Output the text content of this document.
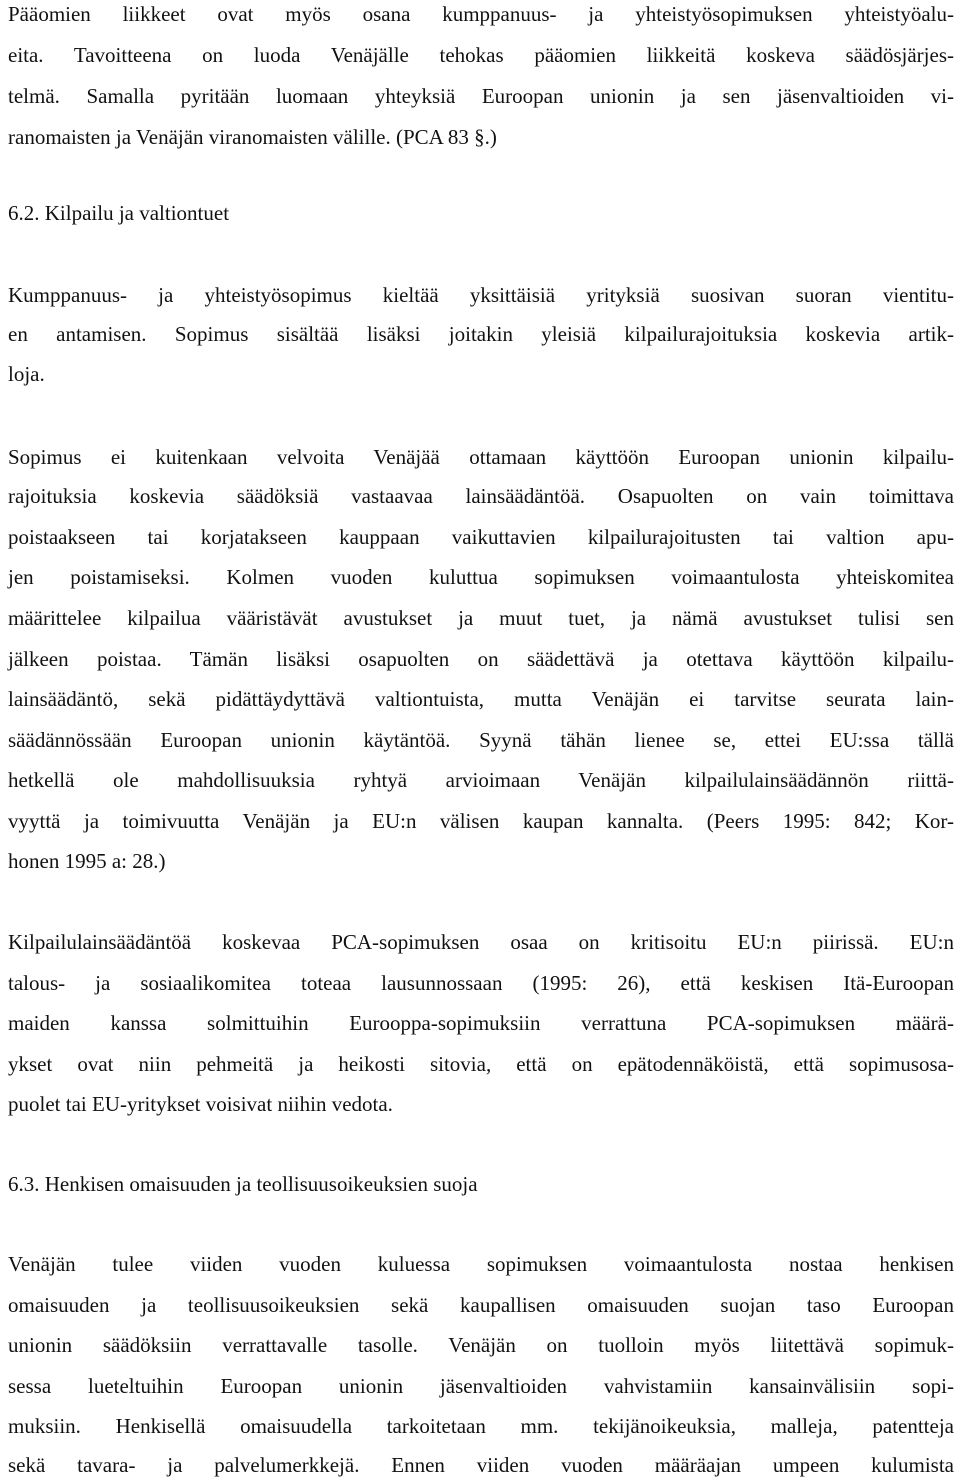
Pääomien liikkeet ovat myös osana kumppanuus- ja yhteistyösopimuksen yhteistyöalu-
eita. Tavoitteena on luoda Venäjälle tehokas pääomien liikkeitä koskeva säädösjärjes-
telmä. Samalla pyritään luomaan yhteyksiä Euroopan unionin ja sen jäsenvaltioiden vi-
ranomaisten ja Venäjän viranomaisten välille. (PCA 83 §.)
6.2. Kilpailu ja valtiontuet
Kumppanuus- ja yhteistyösopimus kieltää yksittäisiä yrityksiä suosivan suoran vientitu-
en antamisen. Sopimus sisältää lisäksi joitakin yleisiä kilpailurajoituksia koskevia artik-
loja.
Sopimus ei kuitenkaan velvoita Venäjää ottamaan käyttöön Euroopan unionin kilpailu-
rajoituksia koskevia säädöksiä vastaavaa lainsäädäntöä. Osapuolten on vain toimittava
poistaakseen tai korjatakseen kauppaan vaikuttavien kilpailurajoitusten tai valtion apu-
jen poistamiseksi. Kolmen vuoden kuluttua sopimuksen voimaantulosta yhteiskomitea
määrittelee kilpailua vääristävät avustukset ja muut tuet, ja nämä avustukset tulisi sen
jälkeen poistaa. Tämän lisäksi osapuolten on säädettävä ja otettava käyttöön kilpailu-
lainsäädäntö, sekä pidättäydyttävä valtiontuista, mutta Venäjän ei tarvitse seurata lain-
säädännössään Euroopan unionin käytäntöä. Syynä tähän lienee se, ettei EU:ssa tällä
hetkellä ole mahdollisuuksia ryhtyä arvioimaan Venäjän kilpailulainsäädännön riittä-
vyyttä ja toimivuutta Venäjän ja EU:n välisen kaupan kannalta. (Peers 1995: 842; Kor-
honen 1995 a: 28.)
Kilpailulainsäädäntöä koskevaa PCA-sopimuksen osaa on kritisoitu EU:n piirissä. EU:n
talous- ja sosiaalikomitea toteaa lausunnossaan (1995: 26), että keskisen Itä-Euroopan
maiden kanssa solmittuihin Eurooppa-sopimuksiin verrattuna PCA-sopimuksen määrä-
ykset ovat niin pehmeitä ja heikosti sitovia, että on epätodennäköistä, että sopimusosa-
puolet tai EU-yritykset voisivat niihin vedota.
6.3. Henkisen omaisuuden ja teollisuusoikeuksien suoja
Venäjän tulee viiden vuoden kuluessa sopimuksen voimaantulosta nostaa henkisen
omaisuuden ja teollisuusoikeuksien sekä kaupallisen omaisuuden suojan taso Euroopan
unionin säädöksiin verrattavalle tasolle. Venäjän on tuolloin myös liitettävä sopimuk-
sessa lueteltuihin Euroopan unionin jäsenvaltioiden vahvistamiin kansainvälisiin sopi-
muksiin. Henkisellä omaisuudella tarkoitetaan mm. tekijänoikeuksia, malleja, patentteja
sekä tavara- ja palvelumerkkejä. Ennen viiden vuoden määräajan umpeen kulumista
